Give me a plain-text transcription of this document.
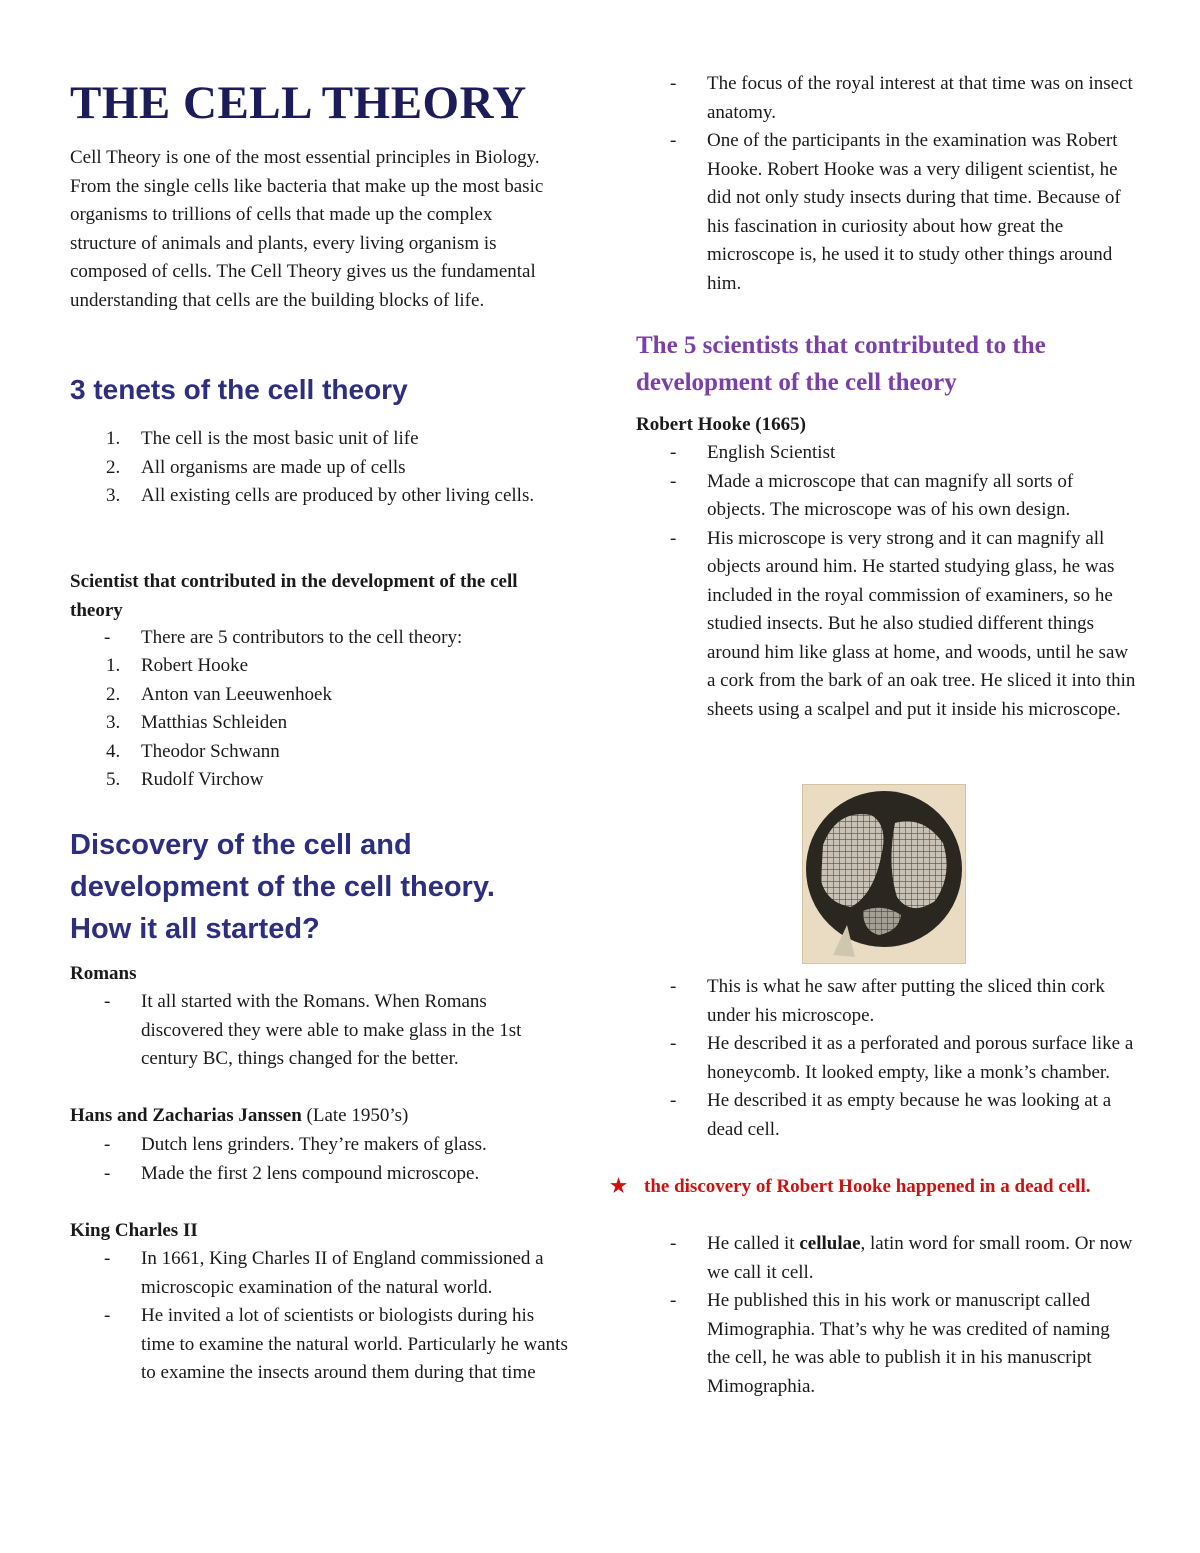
THE CELL THEORY

Cell Theory is one of the most essential principles in Biology. From the single cells like bacteria that make up the most basic organisms to trillions of cells that made up the complex structure of animals and plants, every living organism is composed of cells. The Cell Theory gives us the fundamental understanding that cells are the building blocks of life.

3 tenets of the cell theory
1. The cell is the most basic unit of life
2. All organisms are made up of cells
3. All existing cells are produced by other living cells.
Scientist that contributed in the development of the cell theory
- There are 5 contributors to the cell theory:
1. Robert Hooke
2. Anton van Leeuwenhoek
3. Matthias Schleiden
4. Theodor Schwann
5. Rudolf Virchow
Discovery of the cell and development of the cell theory. How it all started?
Romans
- It all started with the Romans. When Romans discovered they were able to make glass in the 1st century BC, things changed for the better.
Hans and Zacharias Janssen (Late 1950’s)
- Dutch lens grinders. They’re makers of glass.
- Made the first 2 lens compound microscope.
King Charles II
- In 1661, King Charles II of England commissioned a microscopic examination of the natural world.
- He invited a lot of scientists or biologists during his time to examine the natural world. Particularly he wants to examine the insects around them during that time
- The focus of the royal interest at that time was on insect anatomy.
- One of the participants in the examination was Robert Hooke. Robert Hooke was a very diligent scientist, he did not only study insects during that time. Because of his fascination in curiosity about how great the microscope is, he used it to study other things around him.
The 5 scientists that contributed to the development of the cell theory
Robert Hooke (1665)
- English Scientist
- Made a microscope that can magnify all sorts of objects. The microscope was of his own design.
- His microscope is very strong and it can magnify all objects around him. He started studying glass, he was included in the royal commission of examiners, so he studied insects. But he also studied different things around him like glass at home, and woods, until he saw a cork from the bark of an oak tree. He sliced it into thin sheets using a scalpel and put it inside his microscope.
- This is what he saw after putting the sliced thin cork under his microscope.
- He described it as a perforated and porous surface like a honeycomb. It looked empty, like a monk’s chamber.
- He described it as empty because he was looking at a dead cell.
★ the discovery of Robert Hooke happened in a dead cell.
- He called it cellulae, latin word for small room. Or now we call it cell.
- He published this in his work or manuscript called Mimographia. That’s why he was credited of naming the cell, he was able to publish it in his manuscript Mimographia.
